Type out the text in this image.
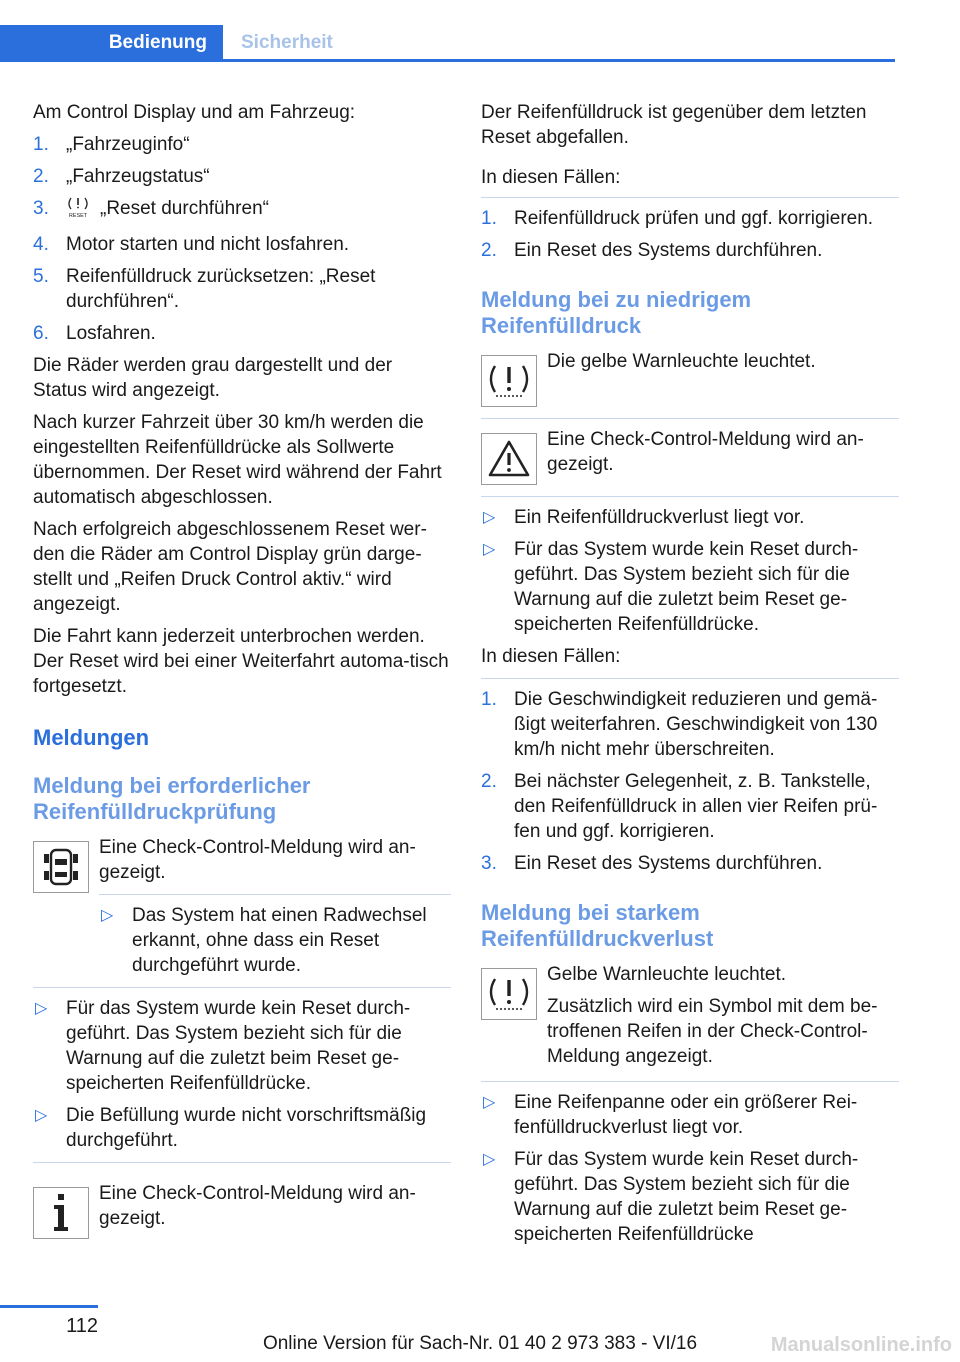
Bedienung	Sicherheit

Am Control Display und am Fahrzeug:

1. „Fahrzeuginfo“
2. „Fahrzeugstatus“
3.	RESET „Reset durchführen“
4. Motor starten und nicht losfahren.
5. Reifenfülldruck zurücksetzen: „Reset durchführen“.
6. Losfahren.

Die Räder werden grau dargestellt und der Status wird angezeigt.

Nach kurzer Fahrzeit über 30 km/h werden die eingestellten Reifenfülldrücke als Sollwerte übernommen. Der Reset wird während der Fahrt automatisch abgeschlossen.

Nach erfolgreich abgeschlossenem Reset wer‐den die Räder am Control Display grün darge‐stellt und „Reifen Druck Control aktiv.“ wird angezeigt.

Die Fahrt kann jederzeit unterbrochen werden. Der Reset wird bei einer Weiterfahrt automa‐tisch fortgesetzt.

Meldungen
Meldung bei erforderlicher Reifenfülldruckprüfung

Eine Check-Control-Meldung wird an‐gezeigt.

▷ Das System hat einen Radwechsel erkannt, ohne dass ein Reset durchgeführt wurde.
▷ Für das System wurde kein Reset durch‐geführt. Das System bezieht sich für die Warnung auf die zuletzt beim Reset ge‐speicherten Reifenfülldrücke.
▷ Die Befüllung wurde nicht vorschriftsmäßig durchgeführt.

Eine Check-Control-Meldung wird an‐gezeigt.

Der Reifenfülldruck ist gegenüber dem letzten Reset abgefallen.

In diesen Fällen:

1. Reifenfülldruck prüfen und ggf. korrigieren.
2. Ein Reset des Systems durchführen.
Meldung bei zu niedrigem Reifenfülldruck

Die gelbe Warnleuchte leuchtet.

Eine Check-Control-Meldung wird an‐gezeigt.

▷ Ein Reifenfülldruckverlust liegt vor.
▷ Für das System wurde kein Reset durch‐geführt. Das System bezieht sich für die Warnung auf die zuletzt beim Reset ge‐speicherten Reifenfülldrücke.

In diesen Fällen:

1. Die Geschwindigkeit reduzieren und gemä‐ßigt weiterfahren. Geschwindigkeit von 130 km/h nicht mehr überschreiten.
2. Bei nächster Gelegenheit, z. B. Tankstelle, den Reifenfülldruck in allen vier Reifen prü‐fen und ggf. korrigieren.
3. Ein Reset des Systems durchführen.
Meldung bei starkem Reifenfülldruckverlust

Gelbe Warnleuchte leuchtet.

Zusätzlich wird ein Symbol mit dem be‐troffenen Reifen in der Check-Control-Meldung angezeigt.

▷ Eine Reifenpanne oder ein größerer Rei‐fenfülldruckverlust liegt vor.
▷ Für das System wurde kein Reset durch‐geführt. Das System bezieht sich für die Warnung auf die zuletzt beim Reset ge‐speicherten Reifenfülldrücke
112
Online Version für Sach-Nr. 01 40 2 973 383 - VI/16	Manualsonline.info
